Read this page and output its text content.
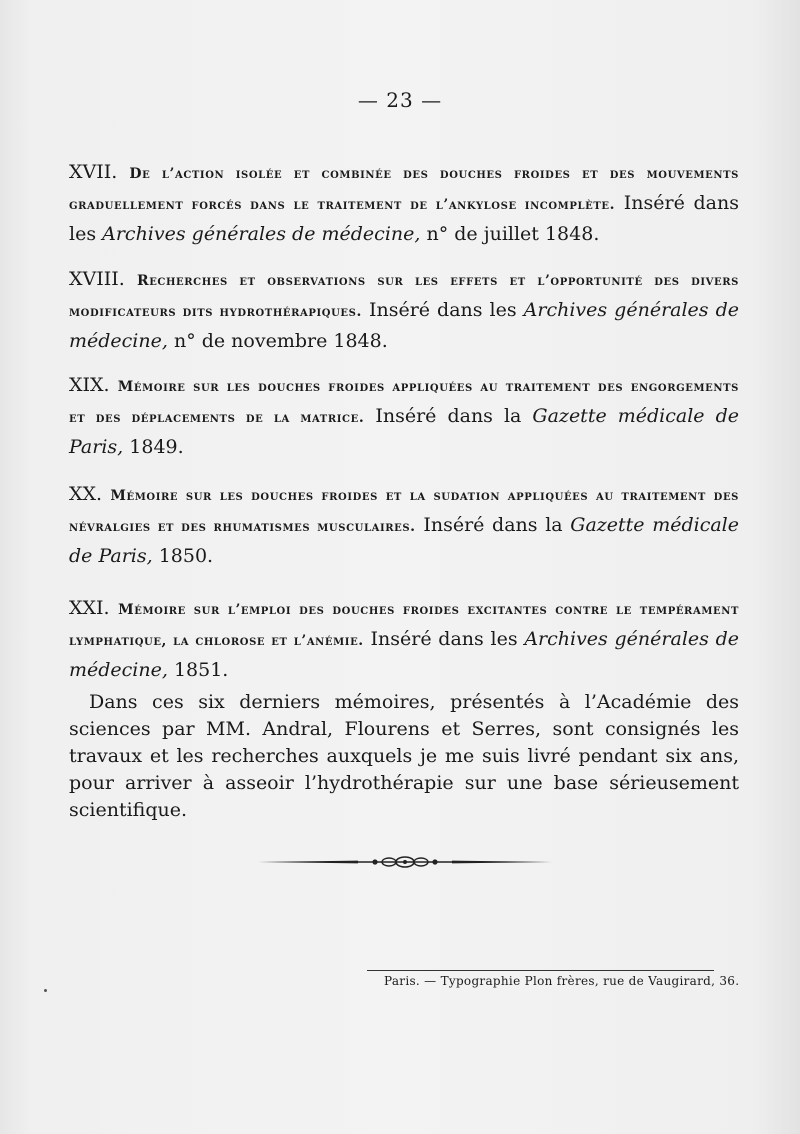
— 23 —
XVII. De l’action isolée et combinée des douches froides et des mouvements graduellement forcés dans le traitement de l’ankylose incomplète. Inséré dans les Archives générales de médecine, n° de juillet 1848.
XVIII. Recherches et observations sur les effets et l’opportunité des divers modificateurs dits hydrothérapiques. Inséré dans les Archives générales de médecine, n° de novembre 1848.
XIX. Mémoire sur les douches froides appliquées au traitement des engorgements et des déplacements de la matrice. Inséré dans la Gazette médicale de Paris, 1849.
XX. Mémoire sur les douches froides et la sudation appliquées au traitement des névralgies et des rhumatismes musculaires. Inséré dans la Gazette médicale de Paris, 1850.
XXI. Mémoire sur l’emploi des douches froides excitantes contre le tempérament lymphatique, la chlorose et l’anémie. Inséré dans les Archives générales de médecine, 1851.
Dans ces six derniers mémoires, présentés à l’Académie des sciences par MM. Andral, Flourens et Serres, sont consignés les travaux et les recherches auxquels je me suis livré pendant six ans, pour arriver à asseoir l’hydrothérapie sur une base sérieusement scientifique.
Paris. — Typographie Plon frères, rue de Vaugirard, 36.
